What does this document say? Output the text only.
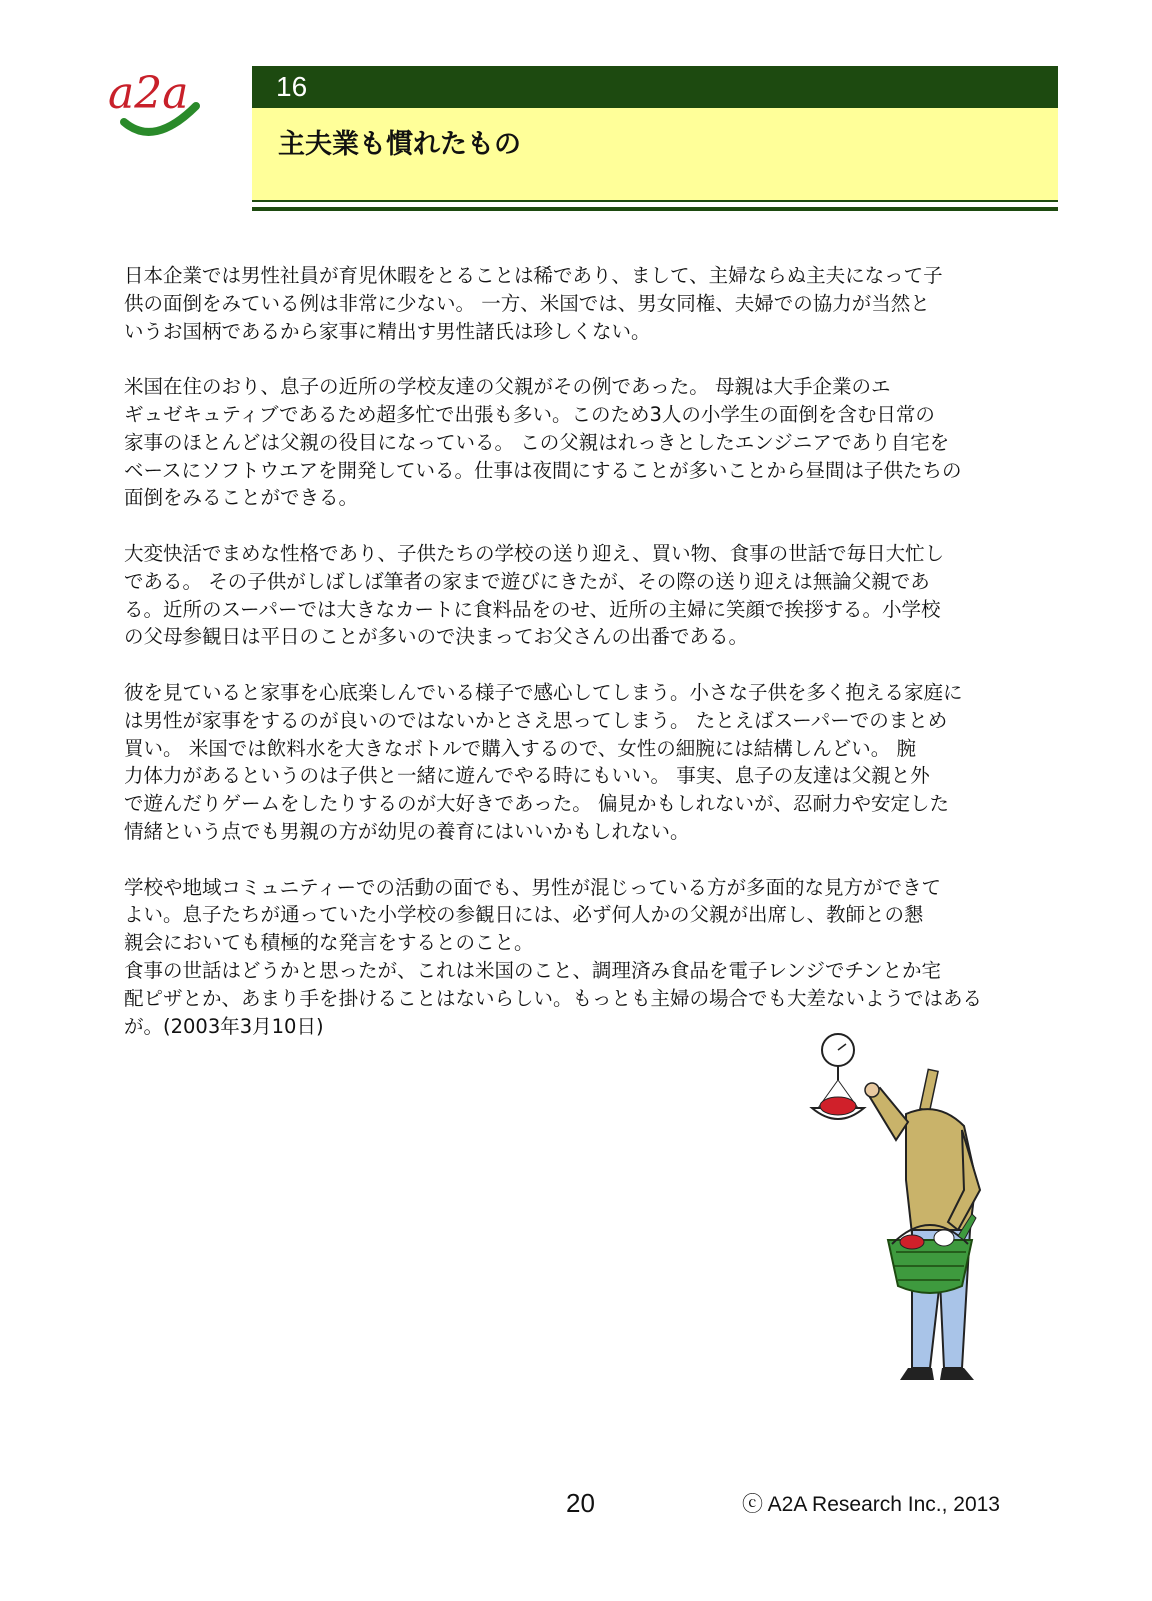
a2a	16
主夫業も慣れたもの

日本企業では男性社員が育児休暇をとることは稀であり、まして、主婦ならぬ主夫になって子
供の面倒をみている例は非常に少ない。 一方、米国では、男女同権、夫婦での協力が当然と
いうお国柄であるから家事に精出す男性諸氏は珍しくない。

米国在住のおり、息子の近所の学校友達の父親がその例であった。 母親は大手企業のエ
ギュゼキュティブであるため超多忙で出張も多い。このため3人の小学生の面倒を含む日常の
家事のほとんどは父親の役目になっている。 この父親はれっきとしたエンジニアであり自宅を
ベースにソフトウエアを開発している。仕事は夜間にすることが多いことから昼間は子供たちの
面倒をみることができる。

大変快活でまめな性格であり、子供たちの学校の送り迎え、買い物、食事の世話で毎日大忙し
である。 その子供がしばしば筆者の家まで遊びにきたが、その際の送り迎えは無論父親であ
る。近所のスーパーでは大きなカートに食料品をのせ、近所の主婦に笑顔で挨拶する。小学校
の父母参観日は平日のことが多いので決まってお父さんの出番である。

彼を見ていると家事を心底楽しんでいる様子で感心してしまう。小さな子供を多く抱える家庭に
は男性が家事をするのが良いのではないかとさえ思ってしまう。 たとえばスーパーでのまとめ
買い。 米国では飲料水を大きなボトルで購入するので、女性の細腕には結構しんどい。 腕
力体力があるというのは子供と一緒に遊んでやる時にもいい。 事実、息子の友達は父親と外
で遊んだりゲームをしたりするのが大好きであった。 偏見かもしれないが、忍耐力や安定した
情緒という点でも男親の方が幼児の養育にはいいかもしれない。

学校や地域コミュニティーでの活動の面でも、男性が混じっている方が多面的な見方ができて
よい。息子たちが通っていた小学校の参観日には、必ず何人かの父親が出席し、教師との懇
親会においても積極的な発言をするとのこと。

食事の世話はどうかと思ったが、これは米国のこと、調理済み食品を電子レンジでチンとか宅
配ピザとか、あまり手を掛けることはないらしい。もっとも主婦の場合でも大差ないようではある
が。(2003年3月10日)

20	ⓒ A2A Research Inc., 2013
